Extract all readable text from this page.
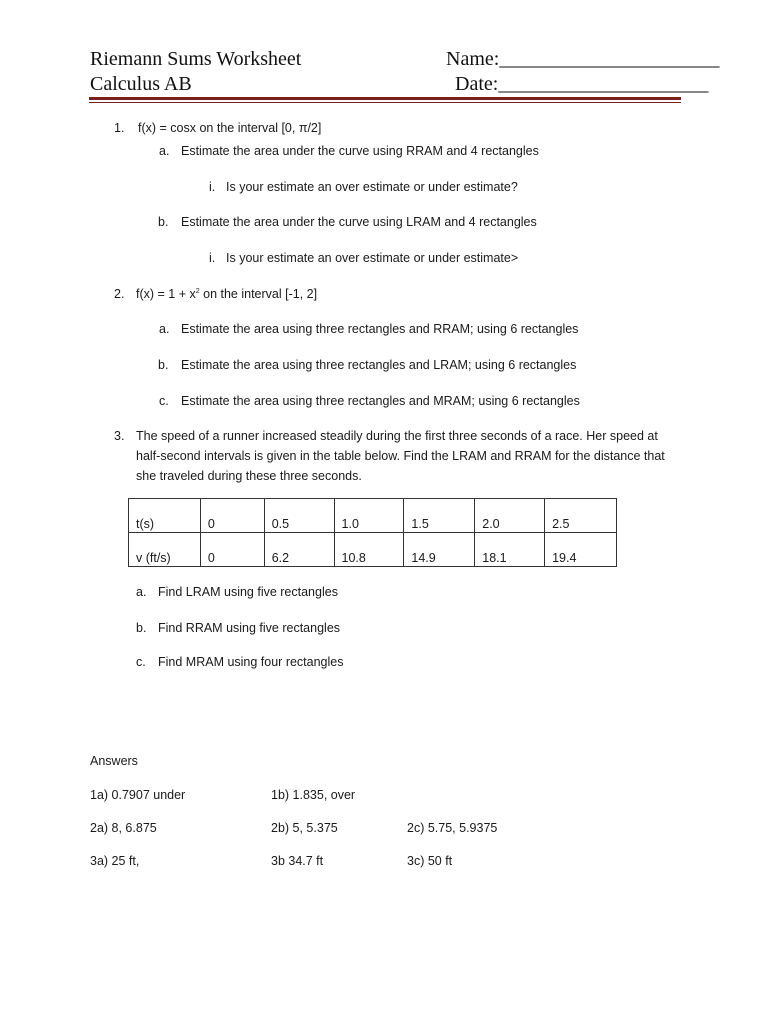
Riemann Sums Worksheet
Calculus AB
Name:______________________
Date:_____________________
1. f(x) = cosx on the interval [0, π/2]
a. Estimate the area under the curve using RRAM and 4 rectangles
i. Is your estimate an over estimate or under estimate?
b. Estimate the area under the curve using LRAM and 4 rectangles
i. Is your estimate an over estimate or under estimate>
2. $f(x) = 1 + x^2$ on the interval [-1, 2]
a. Estimate the area using three rectangles and RRAM; using 6 rectangles
b. Estimate the area using three rectangles and LRAM; using 6 rectangles
c. Estimate the area using three rectangles and MRAM; using 6 rectangles
3. The speed of a runner increased steadily during the first three seconds of a race. Her speed at
half-second intervals is given in the table below. Find the LRAM and RRAM for the distance that
she traveled during these three seconds.
t(s)	0	0.5	1.0	1.5	2.0	2.5
v (ft/s)	0	6.2	10.8	14.9	18.1	19.4
a. Find LRAM using five rectangles
b. Find RRAM using five rectangles
c. Find MRAM using four rectangles
Answers
1a) 0.7907 under	1b) 1.835, over
2a) 8, 6.875	2b) 5, 5.375	2c) 5.75, 5.9375
3a) 25 ft,	3b 34.7 ft	3c) 50 ft
